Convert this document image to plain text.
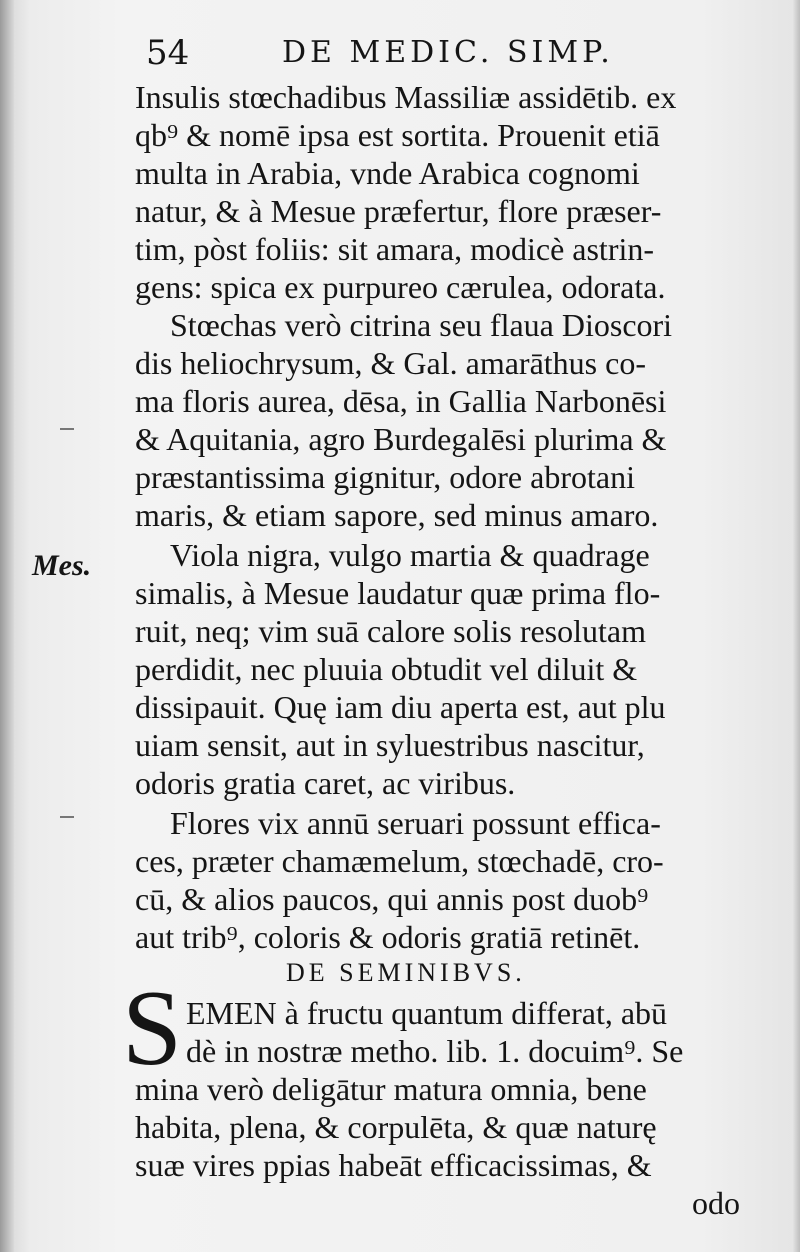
54	DE MEDIC. SIMP.
Mes.
Insulis stœchadibus Massiliæ assidētib. ex
qb⁹ & nomē ipsa est sortita. Prouenit etiā
multa in Arabia, vnde Arabica cognomi
natur, & à Mesue præfertur, flore præser-
tim, pòst foliis: sit amara, modicè astrin-
gens: spica ex purpureo cærulea, odorata.
Stœchas verò citrina seu flaua Dioscori
dis heliochrysum, & Gal. amarāthus co-
ma floris aurea, dēsa, in Gallia Narbonēsi
& Aquitania, agro Burdegalēsi plurima &
præstantissima gignitur, odore abrotani
maris, & etiam sapore, sed minus amaro.
Viola nigra, vulgo martia & quadrage
simalis, à Mesue laudatur quæ prima flo-
ruit, neq; vim suā calore solis resolutam
perdidit, nec pluuia obtudit vel diluit &
dissipauit. Quę iam diu aperta est, aut plu
uiam sensit, aut in syluestribus nascitur,
odoris gratia caret, ac viribus.
Flores vix annū seruari possunt effica-
ces, præter chamæmelum, stœchadē, cro-
cū, & alios paucos, qui annis post duob⁹
aut trib⁹, coloris & odoris gratiā retinēt.
DE SEMINIBVS.
S EMEN à fructu quantum differat, abū
dè in nostræ metho. lib. 1. docuim⁹. Se
mina verò deligātur matura omnia, bene
habita, plena, & corpulēta, & quæ naturę
suæ vires ppias habeāt efficacissimas, &
odo
